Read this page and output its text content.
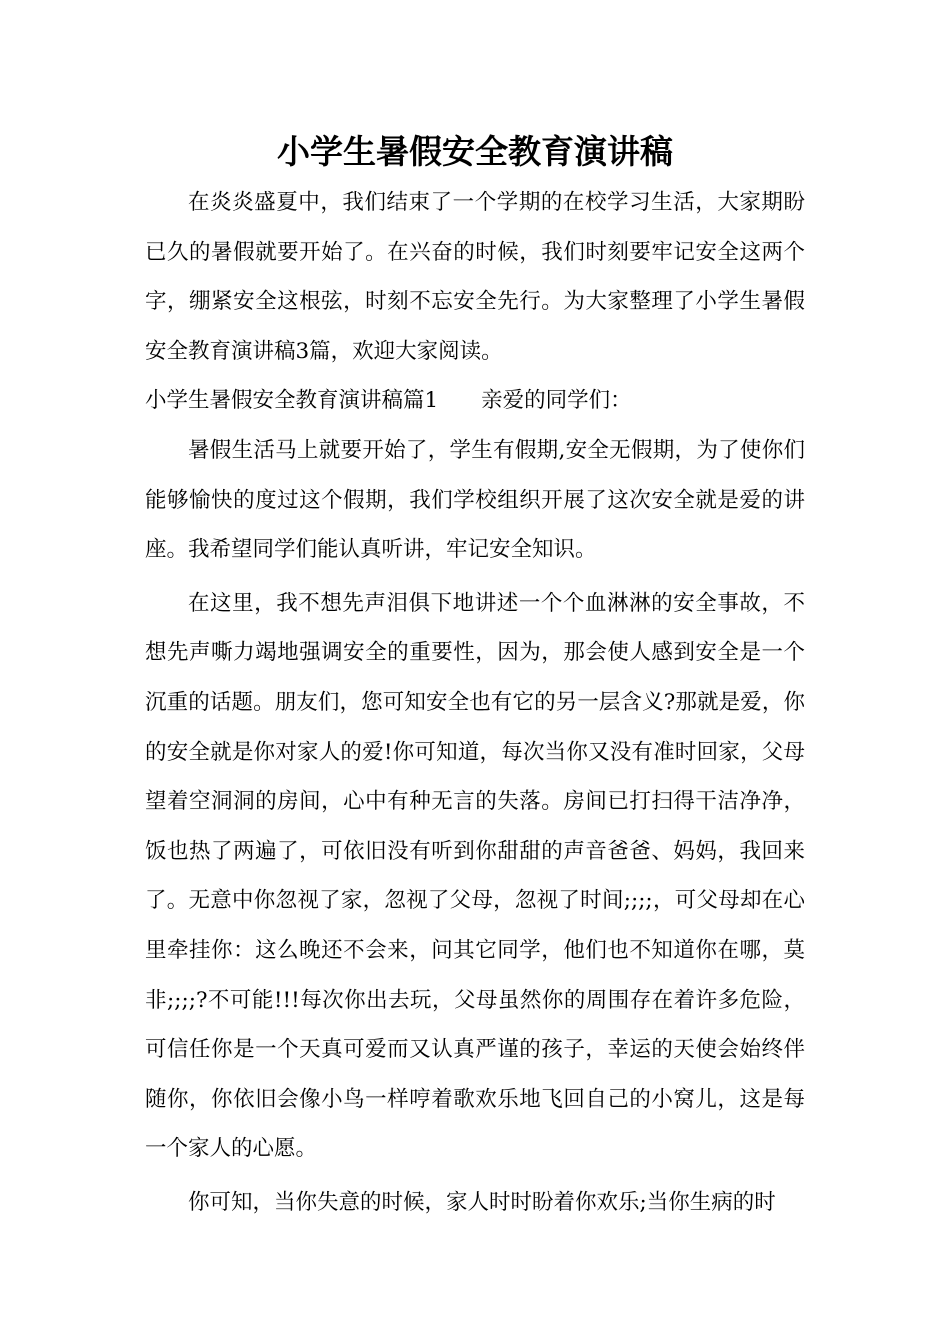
小学生暑假安全教育演讲稿

在炎炎盛夏中，我们结束了一个学期的在校学习生活，大家期盼已久的暑假就要开始了。在兴奋的时候，我们时刻要牢记安全这两个字，绷紧安全这根弦，时刻不忘安全先行。为大家整理了小学生暑假安全教育演讲稿3篇，欢迎大家阅读。

小学生暑假安全教育演讲稿篇1　　亲爱的同学们：

暑假生活马上就要开始了，学生有假期,安全无假期，为了使你们能够愉快的度过这个假期，我们学校组织开展了这次安全就是爱的讲座。我希望同学们能认真听讲，牢记安全知识。

在这里，我不想先声泪俱下地讲述一个个血淋淋的安全事故，不想先声嘶力竭地强调安全的重要性，因为，那会使人感到安全是一个沉重的话题。朋友们，您可知安全也有它的另一层含义?那就是爱，你的安全就是你对家人的爱!你可知道，每次当你又没有准时回家，父母望着空洞洞的房间，心中有种无言的失落。房间已打扫得干洁净净，饭也热了两遍了，可依旧没有听到你甜甜的声音爸爸、妈妈，我回来了。无意中你忽视了家，忽视了父母，忽视了时间;;;;，可父母却在心里牵挂你：这么晚还不会来，问其它同学，他们也不知道你在哪，莫非;;;;?不可能!!!每次你出去玩，父母虽然你的周围存在着许多危险，可信任你是一个天真可爱而又认真严谨的孩子，幸运的天使会始终伴随你，你依旧会像小鸟一样哼着歌欢乐地飞回自己的小窝儿，这是每一个家人的心愿。

你可知，当你失意的时候，家人时时盼着你欢乐;当你生病的时
